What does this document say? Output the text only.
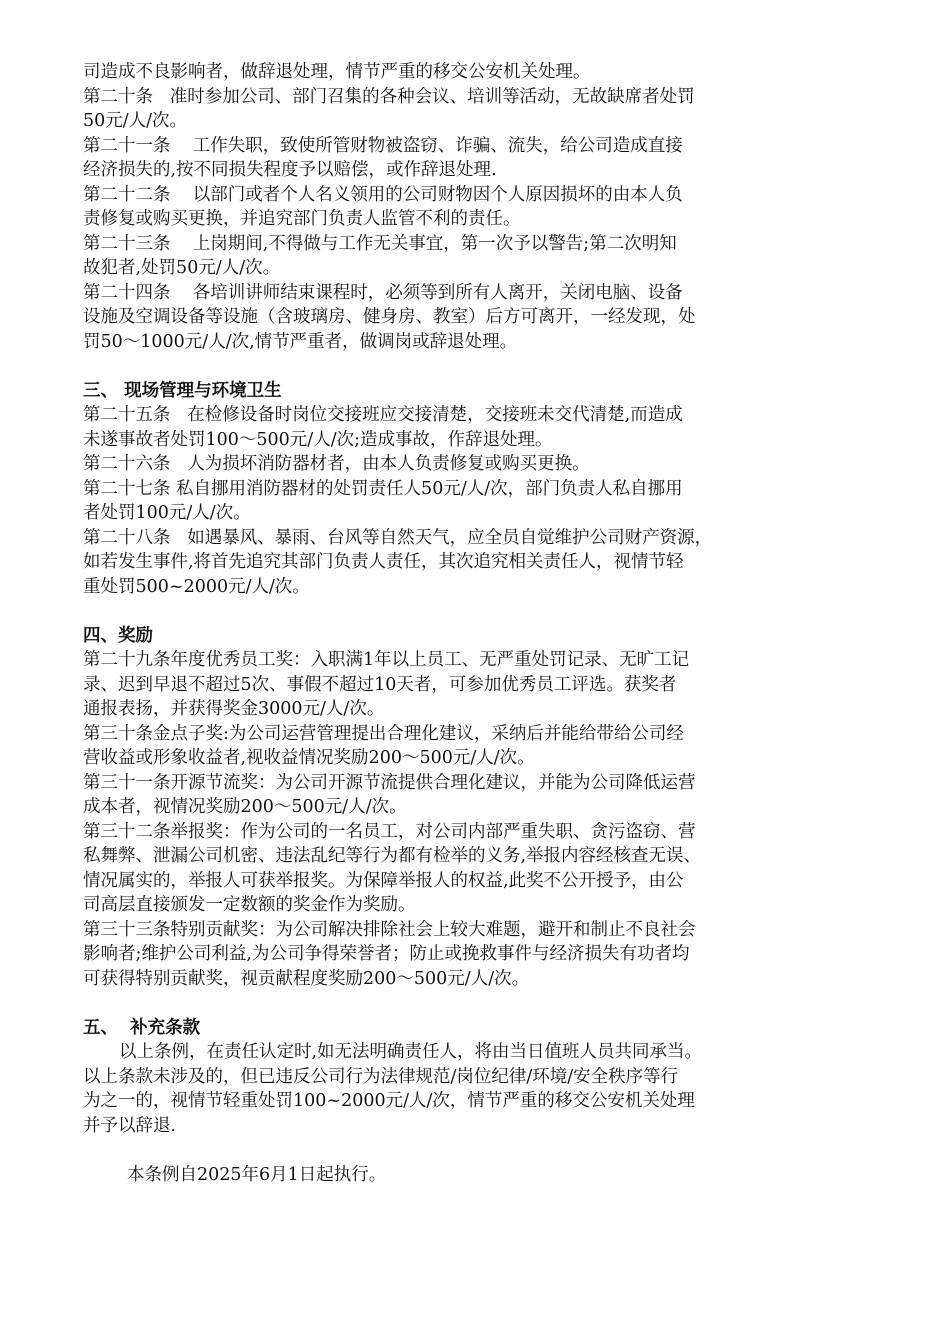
司造成不良影响者，做辞退处理，情节严重的移交公安机关处理。
第二十条   准时参加公司、部门召集的各种会议、培训等活动，无故缺席者处罚
50元/人/次。
第二十一条    工作失职，致使所管财物被盗窃、诈骗、流失，给公司造成直接
经济损失的,按不同损失程度予以赔偿，或作辞退处理.
第二十二条    以部门或者个人名义领用的公司财物因个人原因损坏的由本人负
责修复或购买更换，并追究部门负责人监管不利的责任。
第二十三条    上岗期间,不得做与工作无关事宜，第一次予以警告;第二次明知
故犯者,处罚50元/人/次。
第二十四条    各培训讲师结束课程时，必须等到所有人离开，关闭电脑、设备
设施及空调设备等设施（含玻璃房、健身房、教室）后方可离开，一经发现，处
罚50～1000元/人/次,情节严重者，做调岗或辞退处理。
三、 现场管理与环境卫生
第二十五条   在检修设备时岗位交接班应交接清楚，交接班未交代清楚,而造成
未遂事故者处罚100～500元/人/次;造成事故，作辞退处理。
第二十六条   人为损坏消防器材者，由本人负责修复或购买更换。
第二十七条 私自挪用消防器材的处罚责任人50元/人/次，部门负责人私自挪用
者处罚100元/人/次。
第二十八条   如遇暴风、暴雨、台风等自然天气，应全员自觉维护公司财产资源，
如若发生事件,将首先追究其部门负责人责任，其次追究相关责任人，视情节轻
重处罚500~2000元/人/次。
四、奖励
第二十九条年度优秀员工奖：入职满1年以上员工、无严重处罚记录、无旷工记
录、迟到早退不超过5次、事假不超过10天者，可参加优秀员工评选。获奖者
通报表扬，并获得奖金3000元/人/次。
第三十条金点子奖:为公司运营管理提出合理化建议，采纳后并能给带给公司经
营收益或形象收益者,视收益情况奖励200～500元/人/次。
第三十一条开源节流奖：为公司开源节流提供合理化建议，并能为公司降低运营
成本者，视情况奖励200～500元/人/次。
第三十二条举报奖：作为公司的一名员工，对公司内部严重失职、贪污盗窃、营
私舞弊、泄漏公司机密、违法乱纪等行为都有检举的义务,举报内容经核查无误、
情况属实的，举报人可获举报奖。为保障举报人的权益,此奖不公开授予，由公
司高层直接颁发一定数额的奖金作为奖励。
第三十三条特别贡献奖：为公司解决排除社会上较大难题，避开和制止不良社会
影响者;维护公司利益,为公司争得荣誉者；防止或挽救事件与经济损失有功者均
可获得特别贡献奖，视贡献程度奖励200～500元/人/次。
五、  补充条款
以上条例，在责任认定时,如无法明确责任人，将由当日值班人员共同承当。
以上条款未涉及的，但已违反公司行为法律规范/岗位纪律/环境/安全秩序等行
为之一的，视情节轻重处罚100~2000元/人/次，情节严重的移交公安机关处理
并予以辞退.
本条例自2025年6月1日起执行。
